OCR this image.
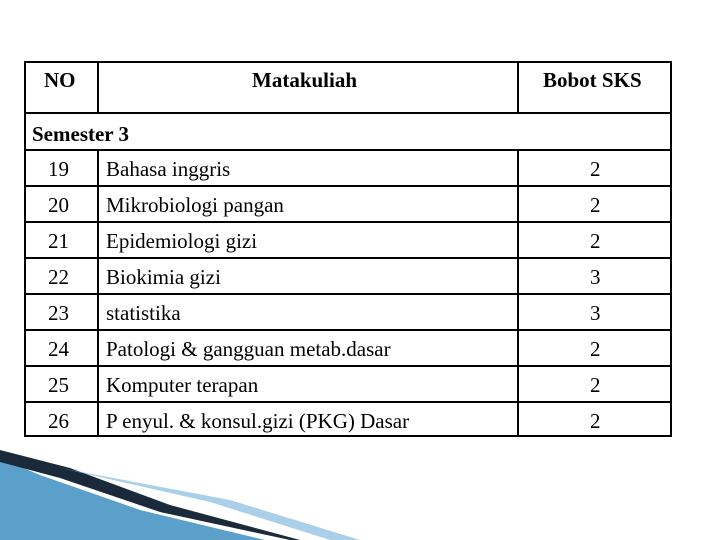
NO	Matakuliah	Bobot SKS
Semester 3
19 Bahasa inggris	2
20 Mikrobiologi pangan	2
21 Epidemiologi gizi	2
22 Biokimia gizi	3
23 statistika	3
24 Patologi & gangguan metab.dasar	2
25 Komputer terapan	2
26 P enyul. & konsul.gizi (PKG) Dasar	2
